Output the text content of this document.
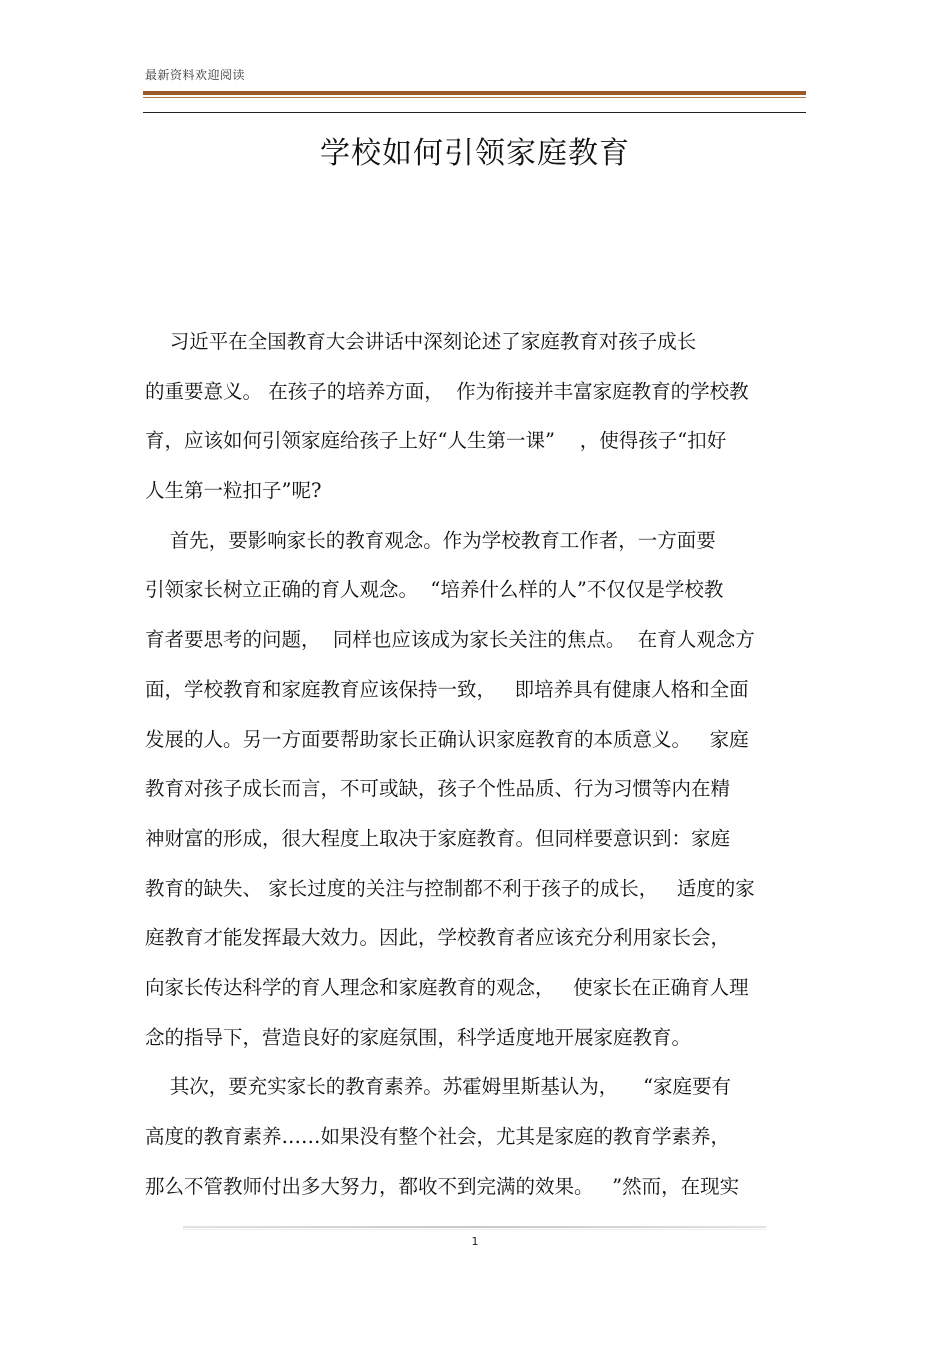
最新资料欢迎阅读
学校如何引领家庭教育
习近平在全国教育大会讲话中深刻论述了家庭教育对孩子成长
的重要意义。 在孩子的培养方面，  作为衔接并丰富家庭教育的学校教
育，应该如何引领家庭给孩子上好“人生第一课”    ，使得孩子“扣好
人生第一粒扣子”呢?
首先，要影响家长的教育观念。作为学校教育工作者，一方面要
引领家长树立正确的育人观念。  “培养什么样的人”不仅仅是学校教
育者要思考的问题，  同样也应该成为家长关注的焦点。  在育人观念方
面，学校教育和家庭教育应该保持一致，   即培养具有健康人格和全面
发展的人。另一方面要帮助家长正确认识家庭教育的本质意义。   家庭
教育对孩子成长而言，不可或缺，孩子个性品质、行为习惯等内在精
神财富的形成，很大程度上取决于家庭教育。但同样要意识到：家庭
教育的缺失、 家长过度的关注与控制都不利于孩子的成长，   适度的家
庭教育才能发挥最大效力。因此，学校教育者应该充分利用家长会，
向家长传达科学的育人理念和家庭教育的观念，   使家长在正确育人理
念的指导下，营造良好的家庭氛围，科学适度地开展家庭教育。
其次，要充实家长的教育素养。苏霍姆里斯基认为，    “家庭要有
高度的教育素养……如果没有整个社会，尤其是家庭的教育学素养，
那么不管教师付出多大努力，都收不到完满的效果。   ”然而，在现实
1
